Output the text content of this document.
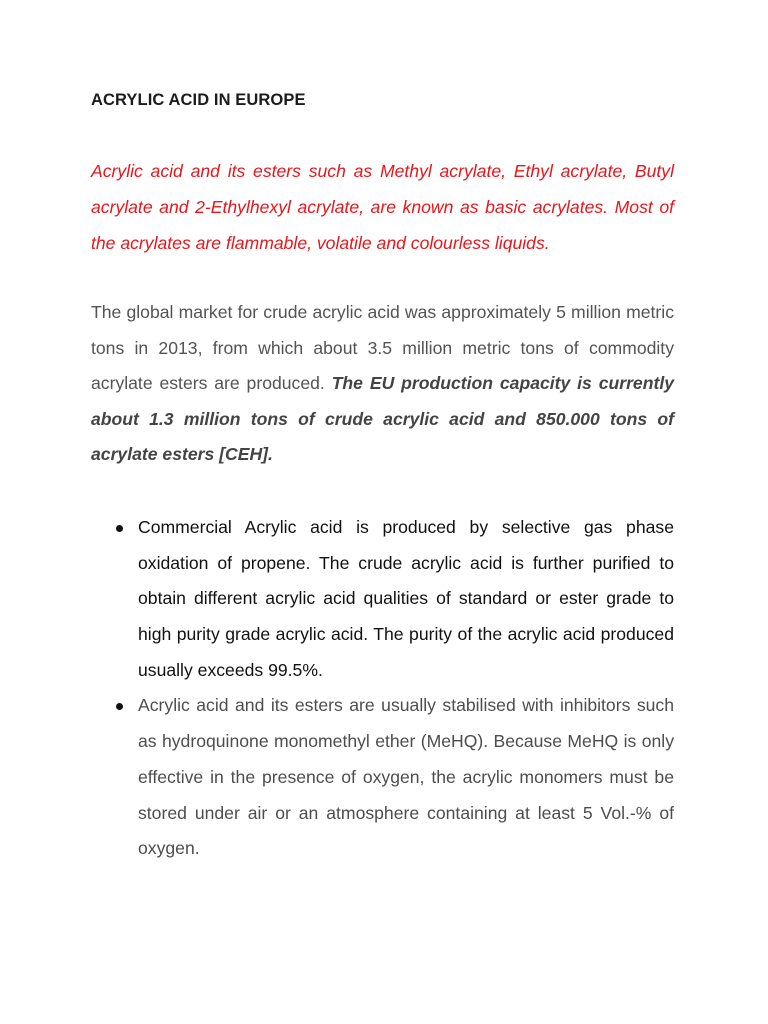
ACRYLIC ACID IN EUROPE

Acrylic acid and its esters such as Methyl acrylate, Ethyl acrylate, Butyl acrylate and 2-Ethylhexyl acrylate, are known as basic acrylates. Most of the acrylates are flammable, volatile and colourless liquids.

The global market for crude acrylic acid was approximately 5 million metric tons in 2013, from which about 3.5 million metric tons of commodity acrylate esters are produced. The EU production capacity is currently about 1.3 million tons of crude acrylic acid and 850.000 tons of acrylate esters [CEH].

Commercial Acrylic acid is produced by selective gas phase oxidation of propene. The crude acrylic acid is further purified to obtain different acrylic acid qualities of standard or ester grade to high purity grade acrylic acid. The purity of the acrylic acid produced usually exceeds 99.5%.
Acrylic acid and its esters are usually stabilised with inhibitors such as hydroquinone monomethyl ether (MeHQ). Because MeHQ is only effective in the presence of oxygen, the acrylic monomers must be stored under air or an atmosphere containing at least 5 Vol.-% of oxygen.
